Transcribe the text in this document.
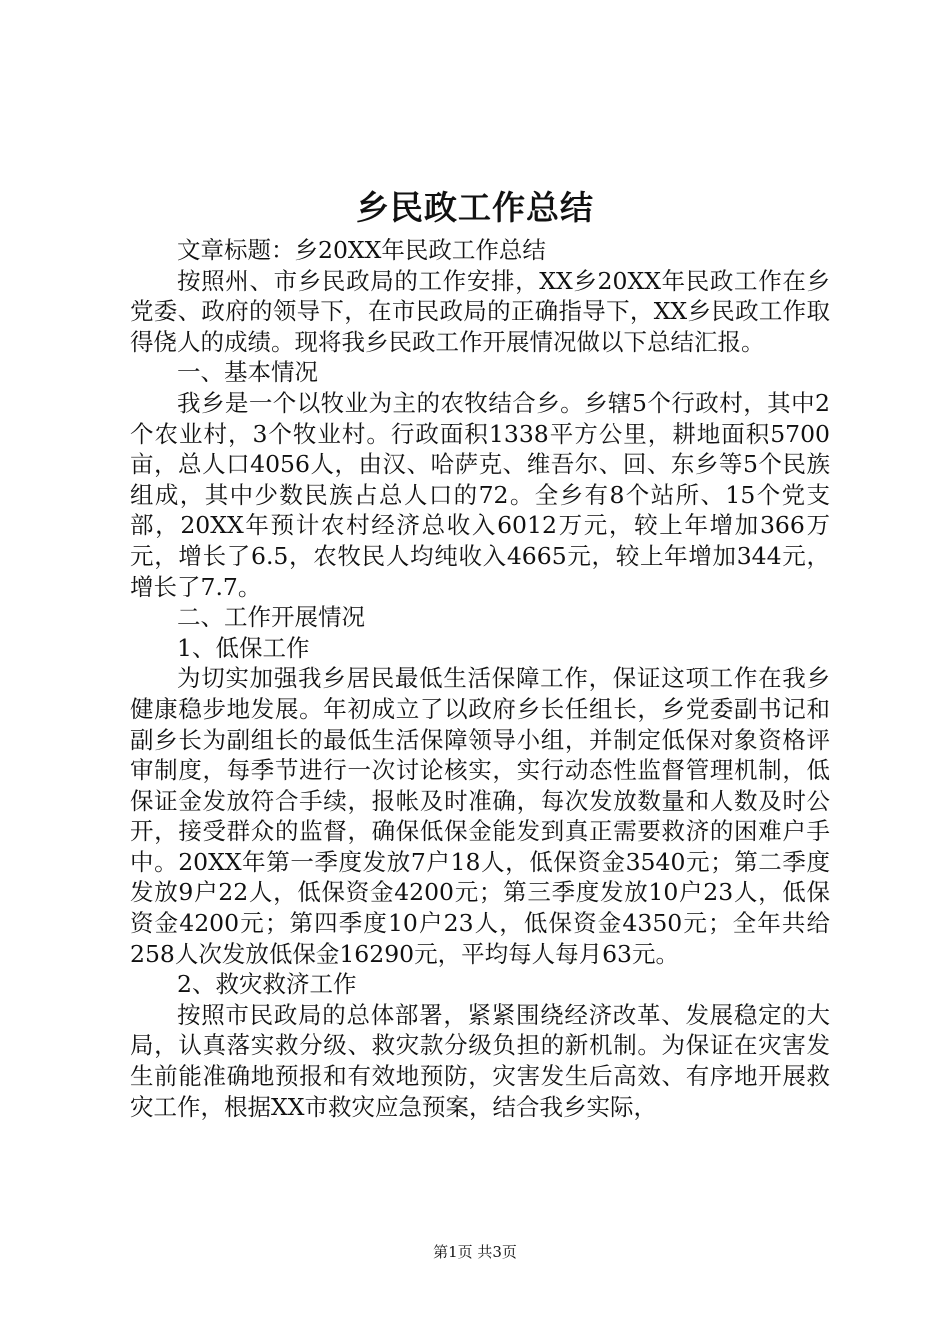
乡民政工作总结

文章标题：乡20XX年民政工作总结

按照州、市乡民政局的工作安排，XX乡20XX年民政工作在乡党委、政府的领导下，在市民政局的正确指导下，XX乡民政工作取得侥人的成绩。现将我乡民政工作开展情况做以下总结汇报。

一、基本情况

我乡是一个以牧业为主的农牧结合乡。乡辖5个行政村，其中2个农业村，3个牧业村。行政面积1338平方公里，耕地面积5700亩，总人口4056人，由汉、哈萨克、维吾尔、回、东乡等5个民族组成，其中少数民族占总人口的72。全乡有8个站所、15个党支部，20XX年预计农村经济总收入6012万元，较上年增加366万元，增长了6.5，农牧民人均纯收入4665元，较上年增加344元，增长了7.7。

二、工作开展情况

1、低保工作

为切实加强我乡居民最低生活保障工作，保证这项工作在我乡健康稳步地发展。年初成立了以政府乡长任组长，乡党委副书记和副乡长为副组长的最低生活保障领导小组，并制定低保对象资格评审制度，每季节进行一次讨论核实，实行动态性监督管理机制，低保证金发放符合手续，报帐及时准确，每次发放数量和人数及时公开，接受群众的监督，确保低保金能发到真正需要救济的困难户手中。20XX年第一季度发放7户18人，低保资金3540元；第二季度发放9户22人，低保资金4200元；第三季度发放10户23人，低保资金4200元；第四季度10户23人，低保资金4350元；全年共给258人次发放低保金16290元，平均每人每月63元。

2、救灾救济工作

按照市民政局的总体部署，紧紧围绕经济改革、发展稳定的大局，认真落实救分级、救灾款分级负担的新机制。为保证在灾害发生前能准确地预报和有效地预防，灾害发生后高效、有序地开展救灾工作，根据XX市救灾应急预案，结合我乡实际，

第1页 共3页
